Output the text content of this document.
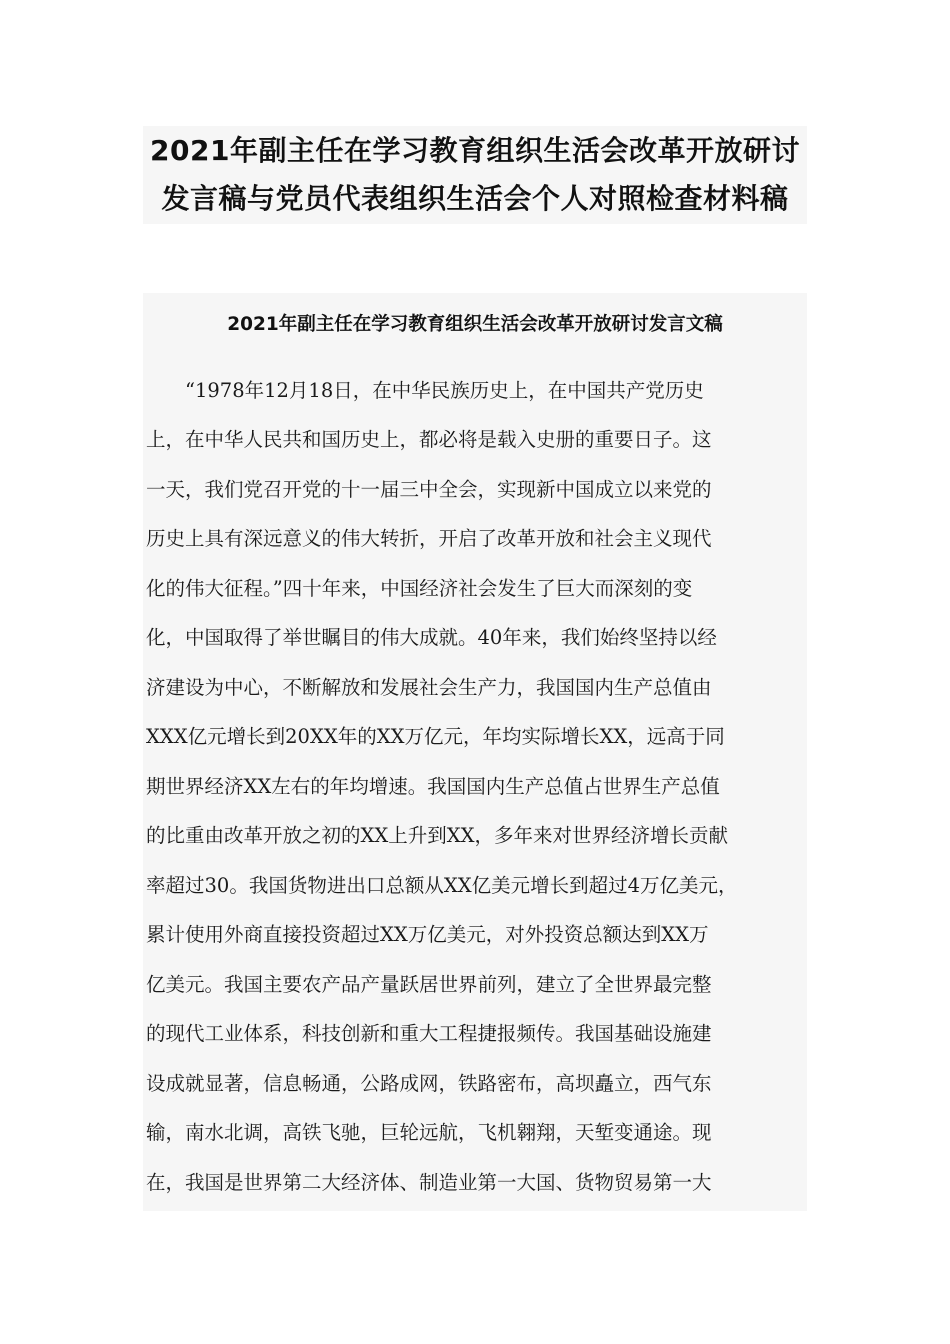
2021年副主任在学习教育组织生活会改革开放研讨
发言稿与党员代表组织生活会个人对照检查材料稿
2021年副主任在学习教育组织生活会改革开放研讨发言文稿
　　“1978年12月18日，在中华民族历史上，在中国共产党历史
上，在中华人民共和国历史上，都必将是载入史册的重要日子。这
一天，我们党召开党的十一届三中全会，实现新中国成立以来党的
历史上具有深远意义的伟大转折，开启了改革开放和社会主义现代
化的伟大征程。”四十年来，中国经济社会发生了巨大而深刻的变
化，中国取得了举世瞩目的伟大成就。40年来，我们始终坚持以经
济建设为中心，不断解放和发展社会生产力，我国国内生产总值由
XXX亿元增长到20XX年的XX万亿元，年均实际增长XX，远高于同
期世界经济XX左右的年均增速。我国国内生产总值占世界生产总值
的比重由改革开放之初的XX上升到XX，多年来对世界经济增长贡献
率超过30。我国货物进出口总额从XX亿美元增长到超过4万亿美元，
累计使用外商直接投资超过XX万亿美元，对外投资总额达到XX万
亿美元。我国主要农产品产量跃居世界前列，建立了全世界最完整
的现代工业体系，科技创新和重大工程捷报频传。我国基础设施建
设成就显著，信息畅通，公路成网，铁路密布，高坝矗立，西气东
输，南水北调，高铁飞驰，巨轮远航，飞机翱翔，天堑变通途。现
在，我国是世界第二大经济体、制造业第一大国、货物贸易第一大
